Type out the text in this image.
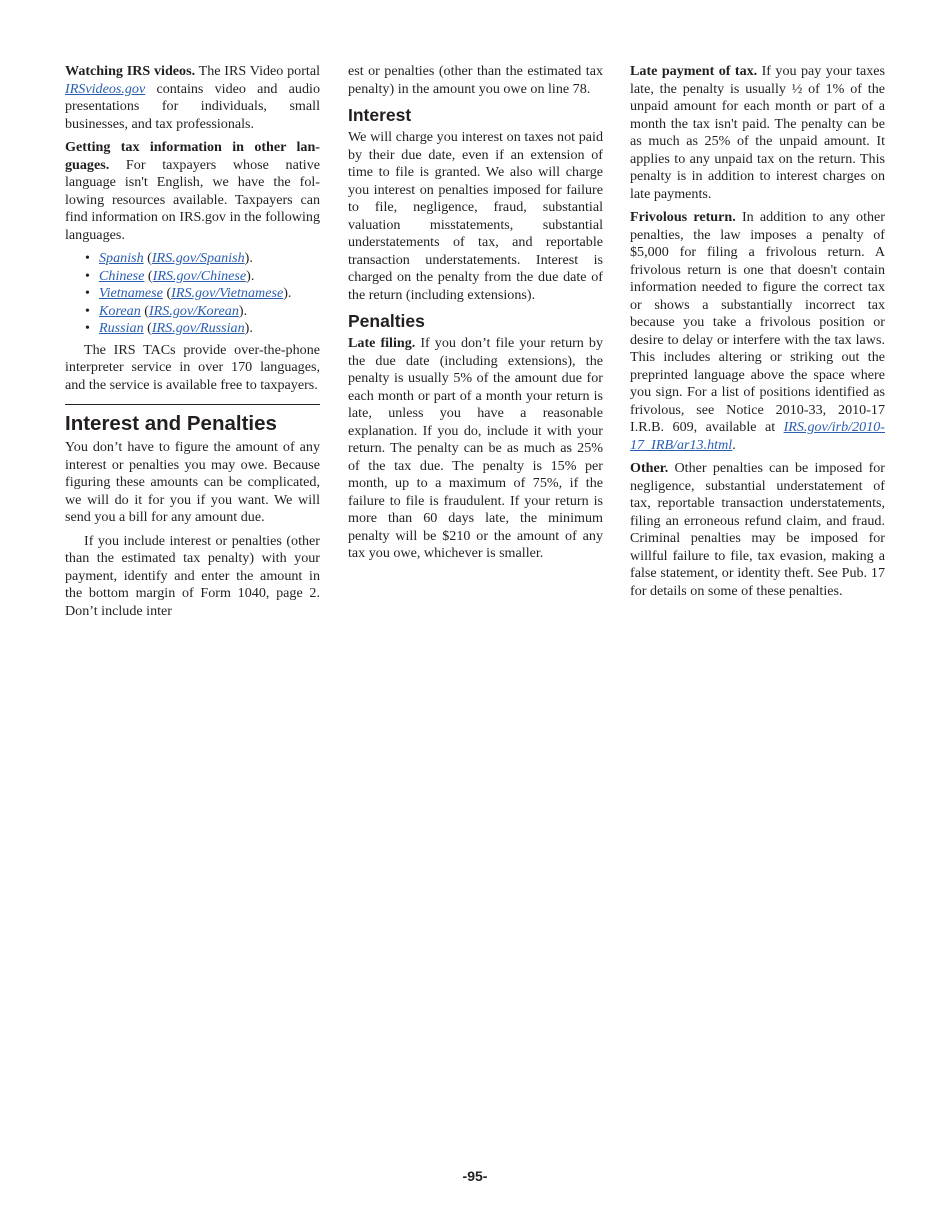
Watching IRS videos. The IRS Video portal IRSvideos.gov contains video and audio presentations for individuals, small businesses, and tax professionals.

Getting tax information in other languages. For taxpayers whose native language isn't English, we have the following resources available. Taxpayers can find information on IRS.gov in the following languages.

• Spanish (IRS.gov/Spanish).
• Chinese (IRS.gov/Chinese).
• Vietnamese (IRS.gov/Vietnamese).
• Korean (IRS.gov/Korean).
• Russian (IRS.gov/Russian).

The IRS TACs provide over-the-phone interpreter service in over 170 languages, and the service is available free to taxpayers.

Interest and Penalties

You don’t have to figure the amount of any interest or penalties you may owe. Because figuring these amounts can be complicated, we will do it for you if you want. We will send you a bill for any amount due.

If you include interest or penalties (other than the estimated tax penalty) with your payment, identify and enter the amount in the bottom margin of Form 1040, page 2. Don’t include inter

est or penalties (other than the estimated tax penalty) in the amount you owe on line 78.

Interest

We will charge you interest on taxes not paid by their due date, even if an extension of time to file is granted. We also will charge you interest on penalties imposed for failure to file, negligence, fraud, substantial valuation misstatements, substantial understatements of tax, and reportable transaction understatements. Interest is charged on the penalty from the due date of the return (including extensions).

Penalties

Late filing. If you don’t file your return by the due date (including extensions), the penalty is usually 5% of the amount due for each month or part of a month your return is late, unless you have a reasonable explanation. If you do, include it with your return. The penalty can be as much as 25% of the tax due. The penalty is 15% per month, up to a maximum of 75%, if the failure to file is fraudulent. If your return is more than 60 days late, the minimum penalty will be $210 or the amount of any tax you owe, whichever is smaller.

Late payment of tax. If you pay your taxes late, the penalty is usually ½ of 1% of the unpaid amount for each month or part of a month the tax isn't paid. The penalty can be as much as 25% of the unpaid amount. It applies to any unpaid tax on the return. This penalty is in addition to interest charges on late payments.

Frivolous return. In addition to any other penalties, the law imposes a penalty of $5,000 for filing a frivolous return. A frivolous return is one that doesn't contain information needed to figure the correct tax or shows a substantially incorrect tax because you take a frivolous position or desire to delay or interfere with the tax laws. This includes altering or striking out the preprinted language above the space where you sign. For a list of positions identified as frivolous, see Notice 2010-33, 2010-17 I.R.B. 609, available at IRS.gov/irb/2010-17_IRB/ar13.html.

Other. Other penalties can be imposed for negligence, substantial understatement of tax, reportable transaction understatements, filing an erroneous refund claim, and fraud. Criminal penalties may be imposed for willful failure to file, tax evasion, making a false statement, or identity theft. See Pub. 17 for details on some of these penalties.

-95-
